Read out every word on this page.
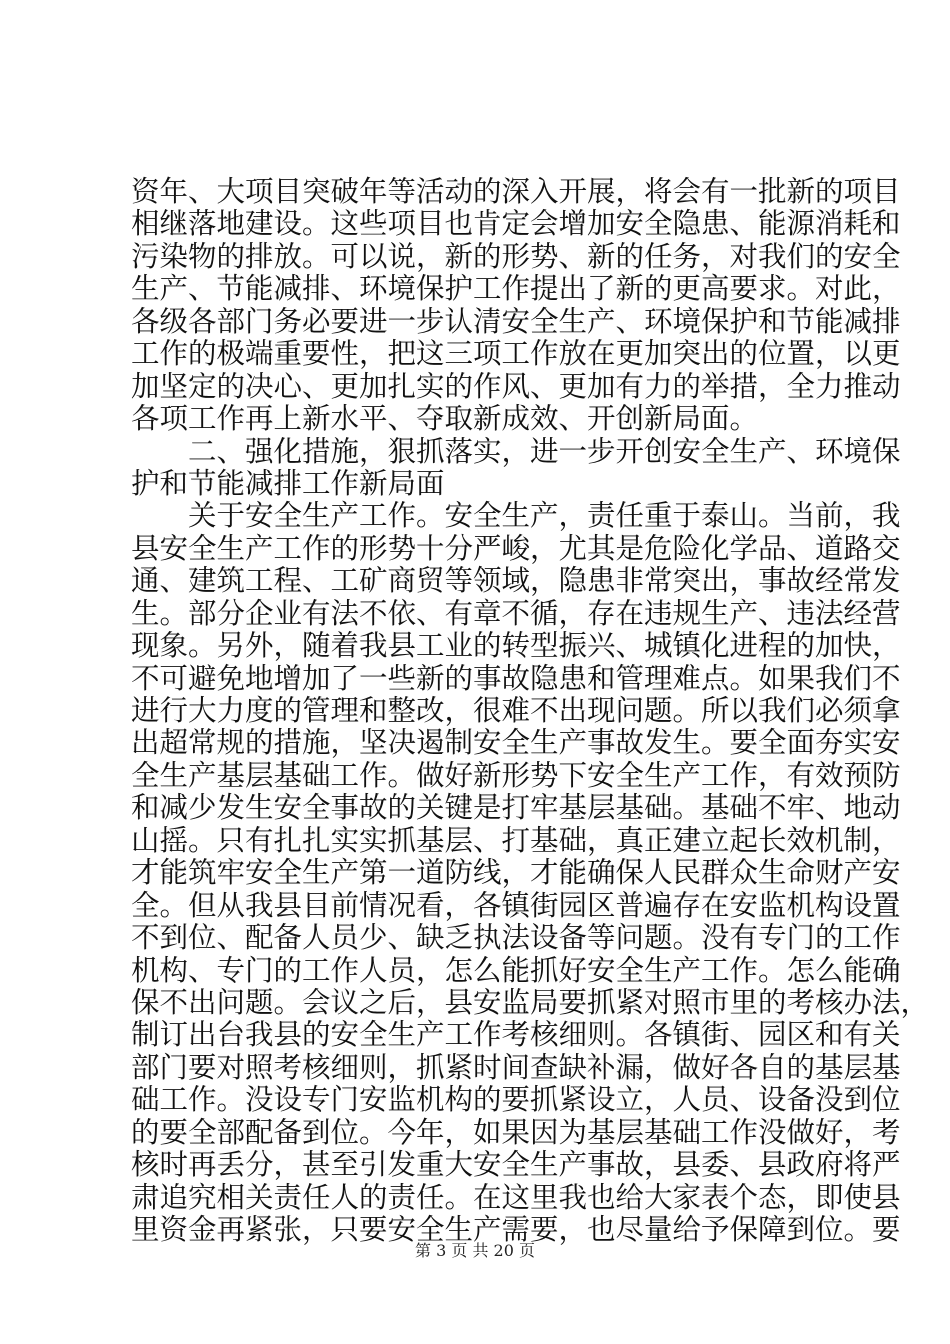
资年、大项目突破年等活动的深入开展，将会有一批新的项目
相继落地建设。这些项目也肯定会增加安全隐患、能源消耗和
污染物的排放。可以说，新的形势、新的任务，对我们的安全
生产、节能减排、环境保护工作提出了新的更高要求。对此，
各级各部门务必要进一步认清安全生产、环境保护和节能减排
工作的极端重要性，把这三项工作放在更加突出的位置，以更
加坚定的决心、更加扎实的作风、更加有力的举措，全力推动
各项工作再上新水平、夺取新成效、开创新局面。
二、强化措施，狠抓落实，进一步开创安全生产、环境保
护和节能减排工作新局面
关于安全生产工作。安全生产，责任重于泰山。当前，我
县安全生产工作的形势十分严峻，尤其是危险化学品、道路交
通、建筑工程、工矿商贸等领域，隐患非常突出，事故经常发
生。部分企业有法不依、有章不循，存在违规生产、违法经营
现象。另外，随着我县工业的转型振兴、城镇化进程的加快，
不可避免地增加了一些新的事故隐患和管理难点。如果我们不
进行大力度的管理和整改，很难不出现问题。所以我们必须拿
出超常规的措施，坚决遏制安全生产事故发生。要全面夯实安
全生产基层基础工作。做好新形势下安全生产工作，有效预防
和减少发生安全事故的关键是打牢基层基础。基础不牢、地动
山摇。只有扎扎实实抓基层、打基础，真正建立起长效机制，
才能筑牢安全生产第一道防线，才能确保人民群众生命财产安
全。但从我县目前情况看，各镇街园区普遍存在安监机构设置
不到位、配备人员少、缺乏执法设备等问题。没有专门的工作
机构、专门的工作人员，怎么能抓好安全生产工作。怎么能确
保不出问题。会议之后，县安监局要抓紧对照市里的考核办法，
制订出台我县的安全生产工作考核细则。各镇街、园区和有关
部门要对照考核细则，抓紧时间查缺补漏，做好各自的基层基
础工作。没设专门安监机构的要抓紧设立，人员、设备没到位
的要全部配备到位。今年，如果因为基层基础工作没做好，考
核时再丢分，甚至引发重大安全生产事故，县委、县政府将严
肃追究相关责任人的责任。在这里我也给大家表个态，即使县
里资金再紧张，只要安全生产需要，也尽量给予保障到位。要
第 3 页 共 20 页
